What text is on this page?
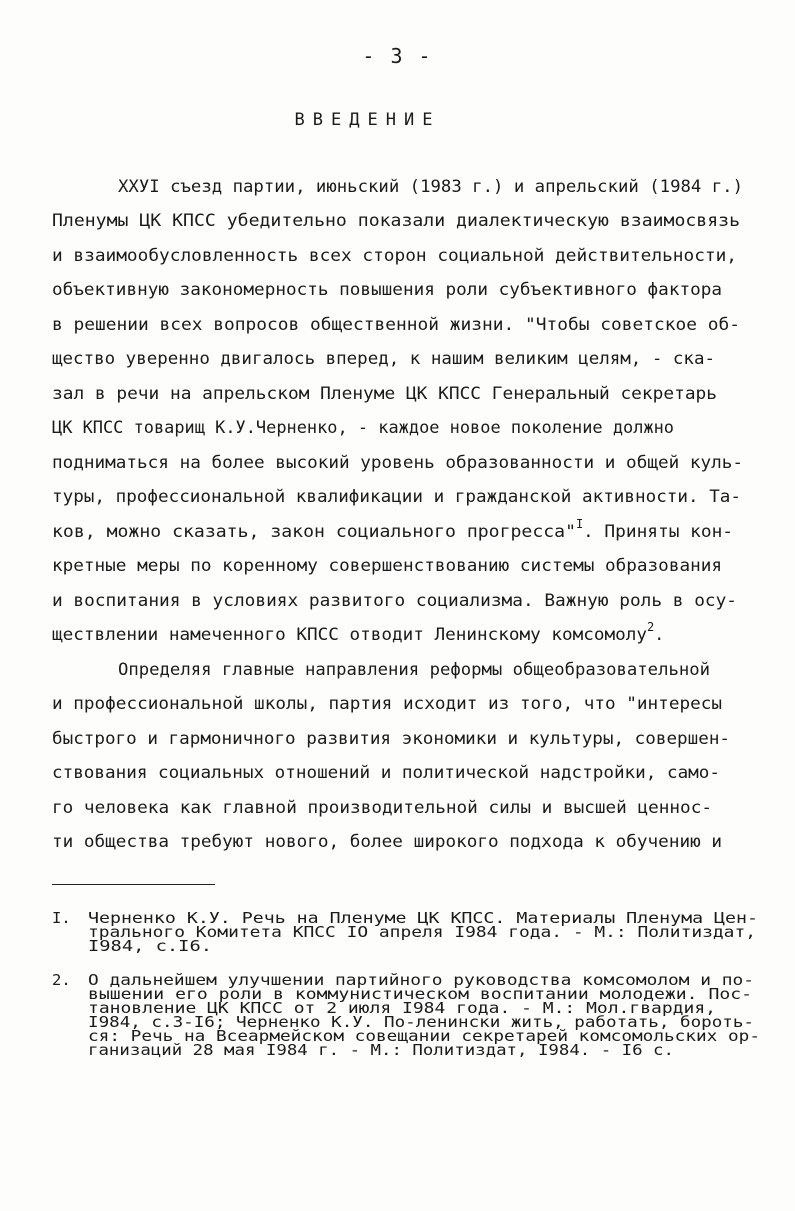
- 3 -
ВВЕДЕНИЕ
ХХУI съезд партии, июньский (1983 г.) и апрельский (1984 г.)
Пленумы ЦК КПСС убедительно показали диалектическую взаимосвязь
и взаимообусловленность всех сторон социальной действительности,
объективную закономерность повышения роли субъективного фактора
в решении всех вопросов общественной жизни. "Чтобы советское об-
щество уверенно двигалось вперед, к нашим великим целям, - ска-
зал в речи на апрельском Пленуме ЦК КПСС Генеральный секретарь
ЦК КПСС товарищ К.У.Черненко, - каждое новое поколение должно
подниматься на более высокий уровень образованности и общей куль-
туры, профессиональной квалификации и гражданской активности. Та-
ков, можно сказать, закон социального прогресса"$^I$. Приняты кон-
кретные меры по коренному совершенствованию системы образования
и воспитания в условиях развитого социализма. Важную роль в осу-
ществлении намеченного КПСС отводит Ленинскому комсомолу$^2$.
Определяя главные направления реформы общеобразовательной
и профессиональной школы, партия исходит из того, что "интересы
быстрого и гармоничного развития экономики и культуры, совершен-
ствования социальных отношений и политической надстройки, само-
го человека как главной производительной силы и высшей ценнос-
ти общества требуют нового, более широкого подхода к обучению и
I. Черненко К.У. Речь на Пленуме ЦК КПСС. Материалы Пленума Цен-
трального Комитета КПСС IO апреля I984 года. - М.: Политиздат,
I984, с.I6.
2. О дальнейшем улучшении партийного руководства комсомолом и по-
вышении его роли в коммунистическом воспитании молодежи. Пос-
тановление ЦК КПСС от 2 июля I984 года. - М.: Мол.гвардия,
I984, с.3-I6; Черненко К.У. По-ленински жить, работать, бороть-
ся: Речь на Всеармейском совещании секретарей комсомольских ор-
ганизаций 28 мая I984 г. - М.: Политиздат, I984. - I6 с.
